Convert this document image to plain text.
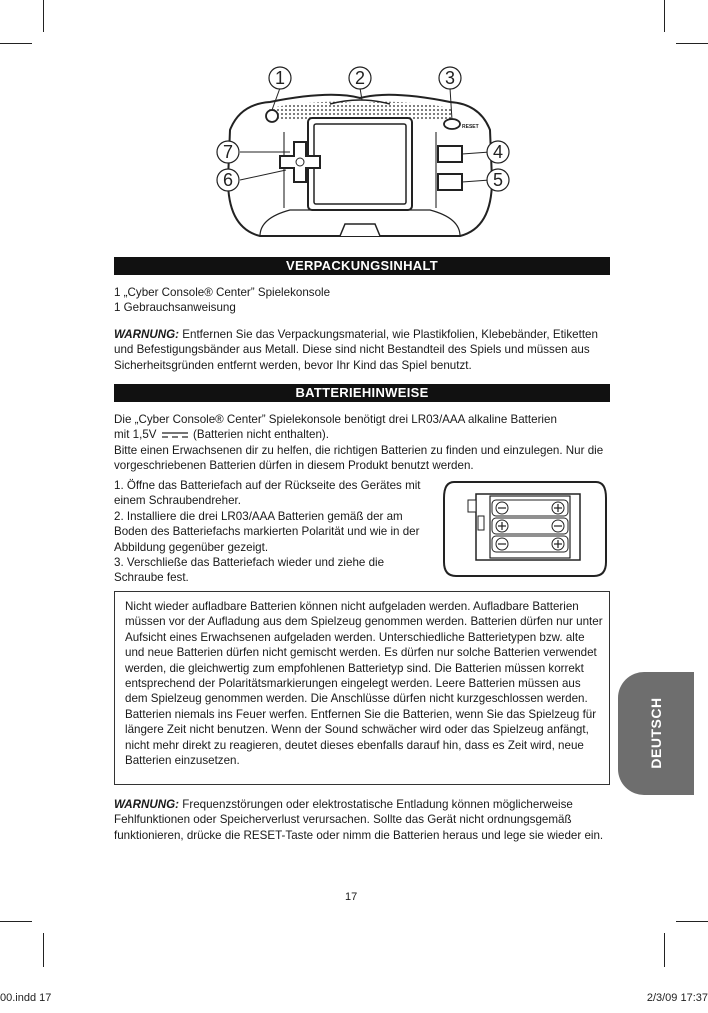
RESET
1	2	3
4
5
6
7
VERPACKUNGSINHALT

1 „Cyber Console® Center” Spielekonsole

1 Gebrauchsanweisung

WARNUNG: Entfernen Sie das Verpackungsmaterial, wie Plastikfolien, Klebebänder, Etiketten und Befestigungsbänder aus Metall. Diese sind nicht Bestandteil des Spiels und müssen aus Sicherheitsgründen entfernt werden, bevor Ihr Kind das Spiel benutzt.

BATTERIEHINWEISE

Die „Cyber Console® Center” Spielekonsole benötigt drei LR03/AAA alkaline Batterien

mit 1,5V	(Batterien nicht enthalten).

Bitte einen Erwachsenen dir zu helfen, die richtigen Batterien zu finden und einzulegen. Nur die vorgeschriebenen Batterien dürfen in diesem Produkt benutzt werden.

1. Öffne das Batteriefach auf der Rückseite des Gerätes mit einem Schraubendreher.

2. Installiere die drei LR03/AAA Batterien gemäß der am Boden des Batteriefachs markierten Polarität und wie in der Abbildung gegenüber gezeigt.

3. Verschließe das Batteriefach wieder und ziehe die Schraube fest.

Nicht wieder aufladbare Batterien können nicht aufgeladen werden. Aufladbare Batterien müssen vor der Aufladung aus dem Spielzeug genommen werden. Batterien dürfen nur unter Aufsicht eines Erwachsenen aufgeladen werden. Unterschiedliche Batterietypen bzw. alte und neue Batterien dürfen nicht gemischt werden. Es dürfen nur solche Batterien verwendet werden, die gleichwertig zum empfohlenen Batterietyp sind. Die Batterien müssen korrekt entsprechend der Polaritätsmarkierungen eingelegt werden. Leere Batterien müssen aus dem Spielzeug genommen werden. Die Anschlüsse dürfen nicht kurzgeschlossen werden. Batterien niemals ins Feuer werfen. Entfernen Sie die Batterien, wenn Sie das Spielzeug für längere Zeit nicht benutzen. Wenn der Sound schwächer wird oder das Spielzeug anfängt, nicht mehr direkt zu reagieren, deutet dieses ebenfalls darauf hin, dass es Zeit wird, neue Batterien einzusetzen.

WARNUNG: Frequenzstörungen oder elektrostatische Entladung können möglicherweise Fehlfunktionen oder Speicherverlust verursachen. Sollte das Gerät nicht ordnungsgemäß funktionieren, drücke die RESET-Taste oder nimm die Batterien heraus und lege sie wieder ein.

DEUTSCH
17
00.indd 17	2/3/09 17:37
